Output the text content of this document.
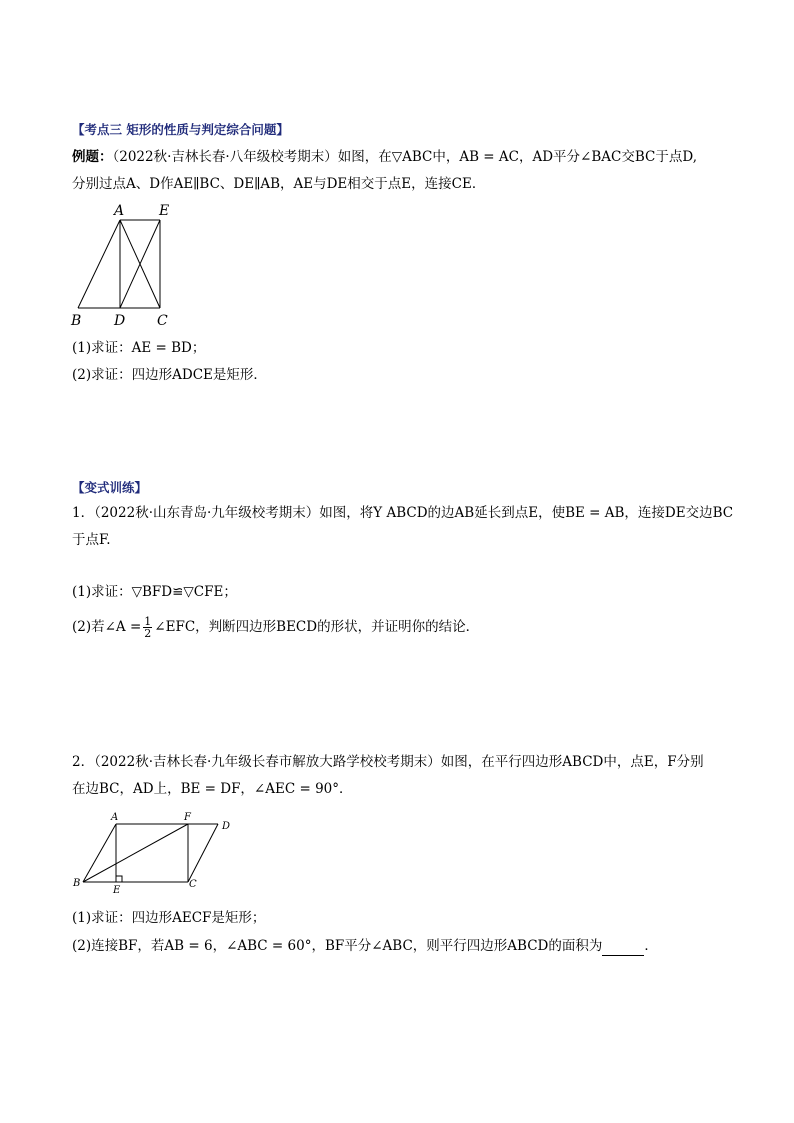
【考点三 矩形的性质与判定综合问题】
例题：（2022秋·吉林长春·八年级校考期末）如图，在▽ABC中，AB = AC，AD平分∠BAC交BC于点D,
分别过点A、D作AE∥BC、DE∥AB，AE与DE相交于点E，连接CE．
A E
B D C
(1)求证：AE = BD；
(2)求证：四边形ADCE是矩形．
【变式训练】
1．（2022秋·山东青岛·九年级校考期末）如图，将Y ABCD的边AB延长到点E，使BE = AB，连接DE交边BC
于点F.
(1)求证：▽BFD≌▽CFE；
(2)若∠A = $\frac{1}{2}$ ∠EFC，判断四边形BECD的形状，并证明你的结论．
2．（2022秋·吉林长春·九年级长春市解放大路学校校考期末）如图，在平行四边形ABCD中，点E，F分别
在边BC，AD上，BE = DF，∠AEC = 90°．
A	F
D
B
E
C
(1)求证：四边形AECF是矩形；
(2)连接BF，若AB = 6，∠ABC = 60°，BF平分∠ABC，则平行四边形ABCD的面积为	．
